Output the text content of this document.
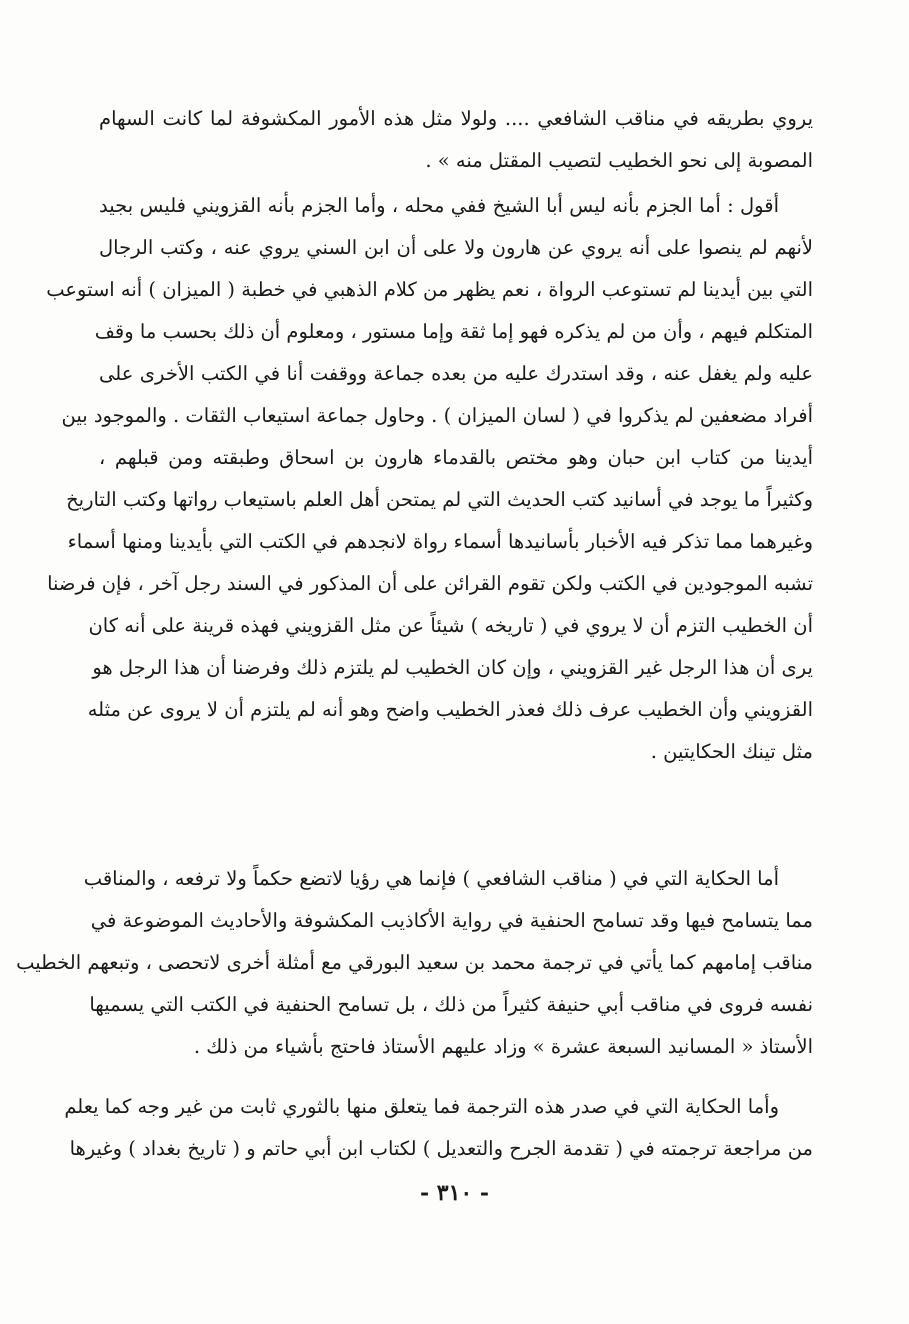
يروي بطريقه في مناقب الشافعي .... ولولا مثل هذه الأمور المكشوفة لما كانت السهام
المصوبة إلى نحو الخطيب لتصيب المقتل منه » .
أقول : أما الجزم بأنه ليس أبا الشيخ ففي محله ، وأما الجزم بأنه القزويني فليس بجيد
لأنهم لم ينصوا على أنه يروي عن هارون ولا على أن ابن السني يروي عنه ، وكتب الرجال
التي بين أيدينا لم تستوعب الرواة ، نعم يظهر من كلام الذهبي في خطبة ( الميزان ) أنه استوعب
المتكلم فيهم ، وأن من لم يذكره فهو إما ثقة وإما مستور ، ومعلوم أن ذلك بحسب ما وقف
عليه ولم يغفل عنه ، وقد استدرك عليه من بعده جماعة ووقفت أنا في الكتب الأخرى على
أفراد مضعفين لم يذكروا في ( لسان الميزان ) . وحاول جماعة استيعاب الثقات . والموجود بين
أيدينا من كتاب ابن حبان وهو مختص بالقدماء هارون بن اسحاق وطبقته ومن قبلهم ،
وكثيراً ما يوجد في أسانيد كتب الحديث التي لم يمتحن أهل العلم باستيعاب رواتها وكتب التاريخ
وغيرهما مما تذكر فيه الأخبار بأسانيدها أسماء رواة لانجدهم في الكتب التي بأيدينا ومنها أسماء
تشبه الموجودين في الكتب ولكن تقوم القرائن على أن المذكور في السند رجل آخر ، فإن فرضنا
أن الخطيب التزم أن لا يروي في ( تاريخه ) شيئاً عن مثل القزويني فهذه قرينة على أنه كان
يرى أن هذا الرجل غير القزويني ، وإن كان الخطيب لم يلتزم ذلك وفرضنا أن هذا الرجل هو
القزويني وأن الخطيب عرف ذلك فعذر الخطيب واضح وهو أنه لم يلتزم أن لا يروى عن مثله
مثل تينك الحكايتين .
أما الحكاية التي في ( مناقب الشافعي ) فإنما هي رؤيا لاتضع حكماً ولا ترفعه ، والمناقب
مما يتسامح فيها وقد تسامح الحنفية في رواية الأكاذيب المكشوفة والأحاديث الموضوعة في
مناقب إمامهم كما يأتي في ترجمة محمد بن سعيد البورقي مع أمثلة أخرى لاتحصى ، وتبعهم الخطيب
نفسه فروى في مناقب أبي حنيفة كثيراً من ذلك ، بل تسامح الحنفية في الكتب التي يسميها
الأستاذ « المسانيد السبعة عشرة » وزاد عليهم الأستاذ فاحتج بأشياء من ذلك .
وأما الحكاية التي في صدر هذه الترجمة فما يتعلق منها بالثوري ثابت من غير وجه كما يعلم
من مراجعة ترجمته في ( تقدمة الجرح والتعديل ) لكتاب ابن أبي حاتم و ( تاريخ بغداد ) وغيرها
- ٣١٠ -
